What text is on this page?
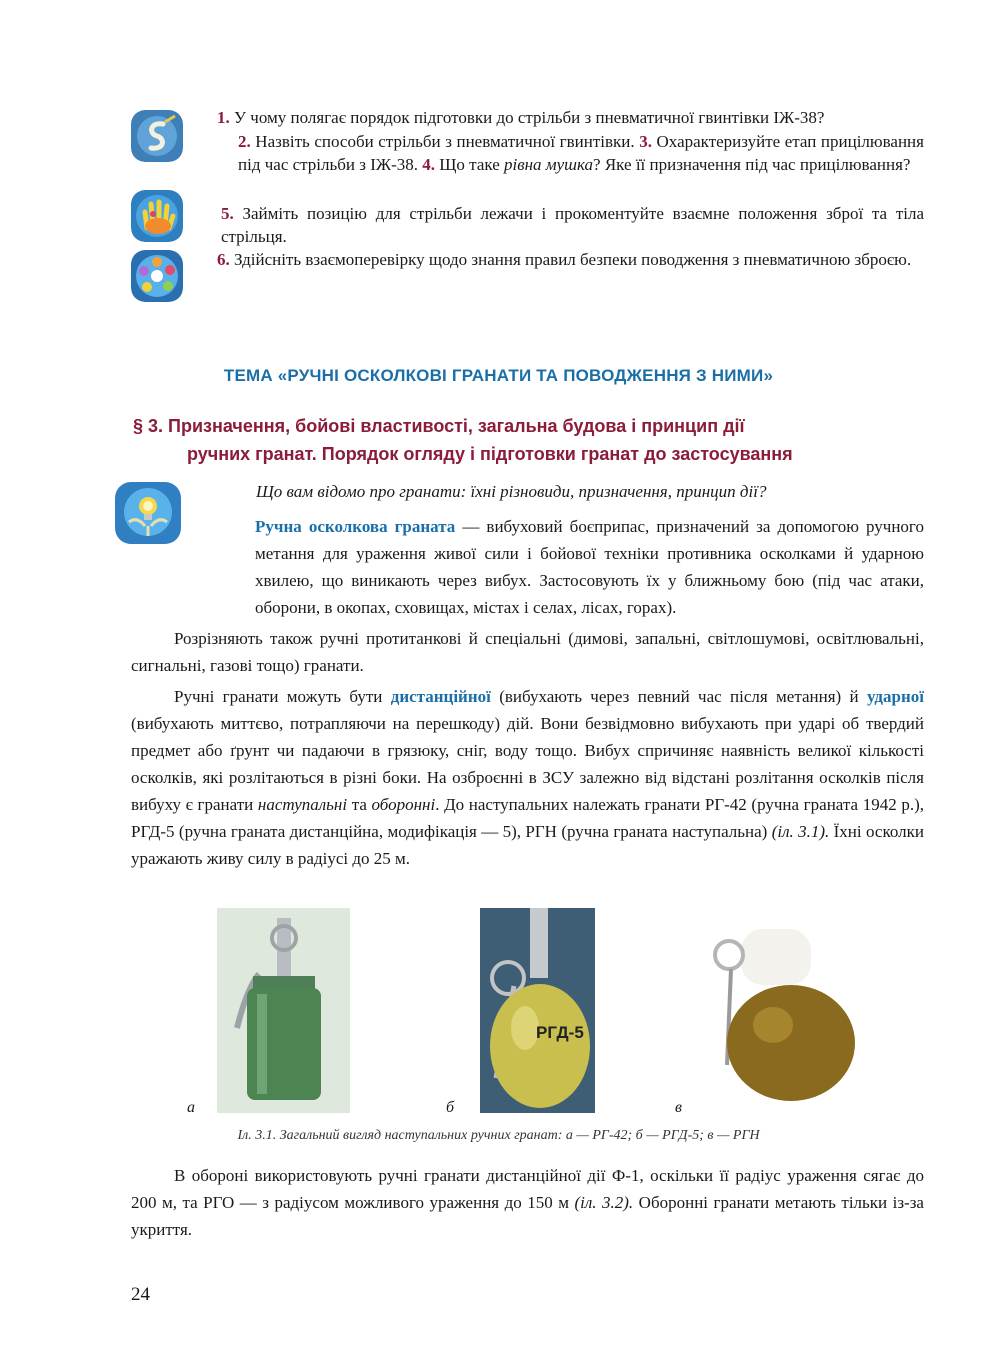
1. У чому полягає порядок підготовки до стрільби з пневматичної гвинтівки ІЖ-38?
2. Назвіть способи стрільби з пневматичної гвинтівки. 3. Охарактеризуйте етап прицілювання під час стрільби з ІЖ-38. 4. Що таке рівна мушка? Яке її призначення під час прицілювання?
5. Займіть позицію для стрільби лежачи і прокоментуйте взаємне положення зброї та тіла стрільця.
6. Здійсніть взаємоперевірку щодо знання правил безпеки поводження з пневматичною зброєю.
ТЕМА «РУЧНІ ОСКОЛКОВІ ГРАНАТИ ТА ПОВОДЖЕННЯ З НИМИ»
§ 3. Призначення, бойові властивості, загальна будова і принцип дії
ручних гранат. Порядок огляду і підготовки гранат до застосування
Що вам відомо про гранати: їхні різновиди, призначення, принцип дії?
Ручна осколкова граната — вибуховий боєприпас, призначений за допомогою ручного метання для ураження живої сили і бойової техніки противника осколками й ударною хвилею, що виникають через вибух. Застосовують їх у ближньому бою (під час атаки, оборони, в окопах, сховищах, містах і селах, лісах, горах).
Розрізняють також ручні протитанкові й спеціальні (димові, запальні, світлошумові, освітлювальні, сигнальні, газові тощо) гранати.
Ручні гранати можуть бути дистанційної (вибухають через певний час після метання) й ударної (вибухають миттєво, потрапляючи на перешкоду) дій. Вони безвідмовно вибухають при ударі об твердий предмет або ґрунт чи падаючи в грязюку, сніг, воду тощо. Вибух спричиняє наявність великої кількості осколків, які розлітаються в різні боки. На озброєнні в ЗСУ залежно від відстані розлітання осколків після вибуху є гранати наступальні та оборонні. До наступальних належать гранати РГ-42 (ручна граната 1942 р.), РГД-5 (ручна граната дистанційна, модифікація — 5), РГН (ручна граната наступальна) (іл. 3.1). Їхні осколки уражають живу силу в радіусі до 25 м.
РГД-5
а	б	в
Іл. 3.1. Загальний вигляд наступальних ручних гранат: а — РГ-42; б — РГД-5; в — РГН
В обороні використовують ручні гранати дистанційної дії Ф-1, оскільки її радіус ураження сягає до 200 м, та РГО — з радіусом можливого ураження до 150 м (іл. 3.2). Оборонні гранати метають тільки із-за укриття.
24
